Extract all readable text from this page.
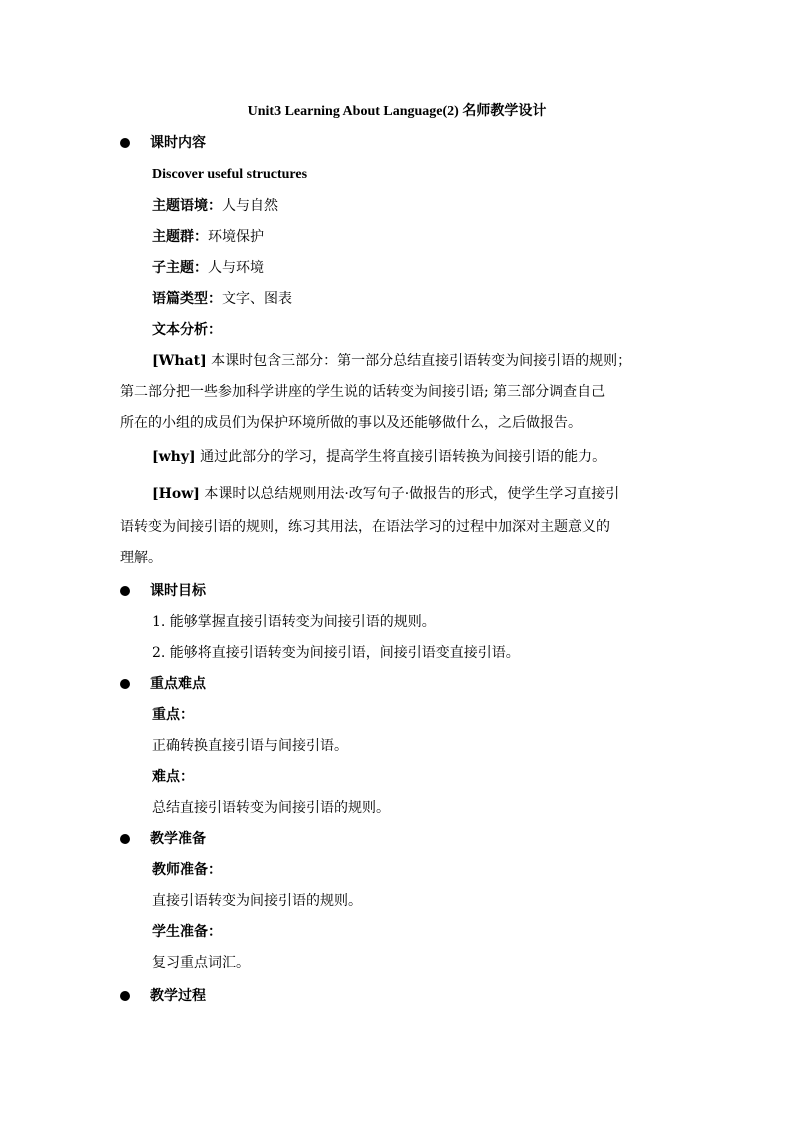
Unit3 Learning About Language(2) 名师教学设计
课时内容
Discover useful structures
主题语境：人与自然
主题群：环境保护
子主题：人与环境
语篇类型：文字、图表
文本分析：
[What] 本课时包含三部分：第一部分总结直接引语转变为间接引语的规则；
第二部分把一些参加科学讲座的学生说的话转变为间接引语; 第三部分调查自己
所在的小组的成员们为保护环境所做的事以及还能够做什么，之后做报告。
[why] 通过此部分的学习，提高学生将直接引语转换为间接引语的能力。
[How] 本课时以总结规则用法·改写句子·做报告的形式，使学生学习直接引
语转变为间接引语的规则，练习其用法，在语法学习的过程中加深对主题意义的
理解。
课时目标
1. 能够掌握直接引语转变为间接引语的规则。
2. 能够将直接引语转变为间接引语，间接引语变直接引语。
重点难点
重点：
正确转换直接引语与间接引语。
难点：
总结直接引语转变为间接引语的规则。
教学准备
教师准备：
直接引语转变为间接引语的规则。
学生准备：
复习重点词汇。
教学过程
